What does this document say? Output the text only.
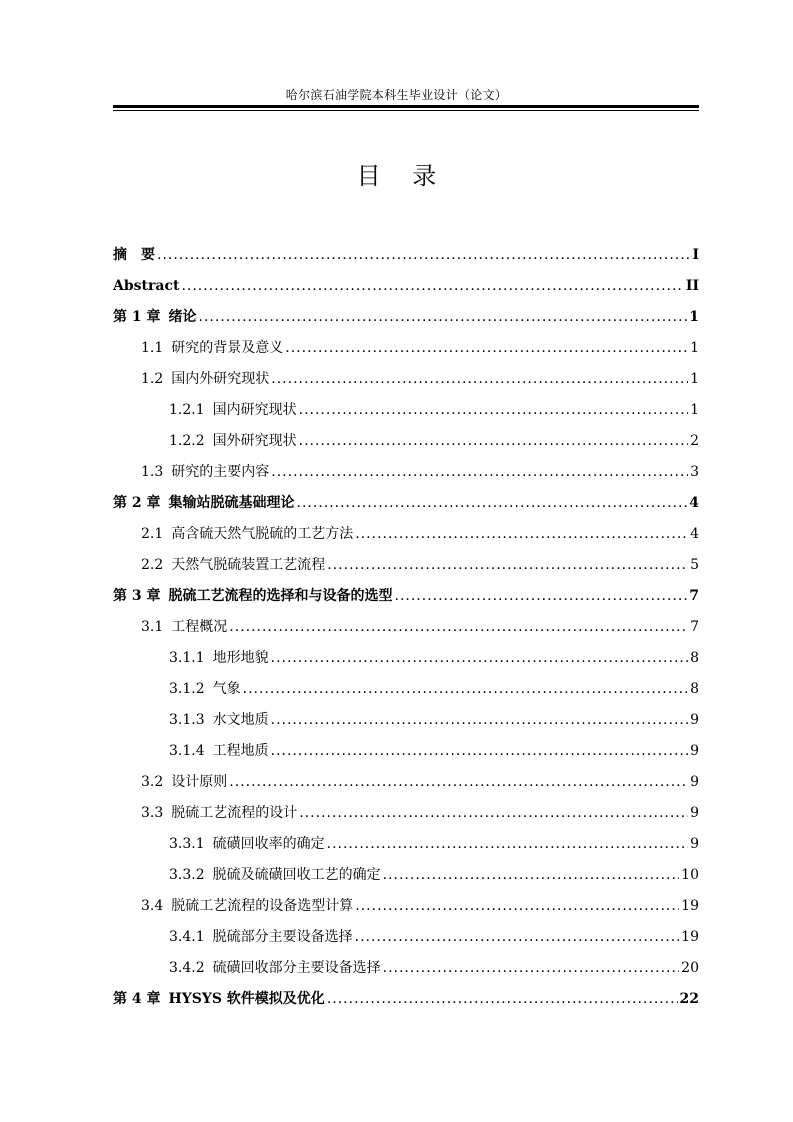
哈尔滨石油学院本科生毕业设计（论文）
目 录
摘　要 .....	I
Abstract .....	II
第 1 章 绪论 .....	1
1.1 研究的背景及意义 .....	1
1.2 国内外研究现状 .....	1
1.2.1 国内研究现状 .....	1
1.2.2 国外研究现状 .....	2
1.3 研究的主要内容 .....	3
第 2 章 集输站脱硫基础理论 .....	4
2.1 高含硫天然气脱硫的工艺方法 .....	4
2.2 天然气脱硫装置工艺流程 .....	5
第 3 章 脱硫工艺流程的选择和与设备的选型 .....	7
3.1 工程概况 .....	7
3.1.1 地形地貌 .....	8
3.1.2 气象 .....	8
3.1.3 水文地质 .....	9
3.1.4 工程地质 .....	9
3.2 设计原则 .....	9
3.3 脱硫工艺流程的设计 .....	9
3.3.1 硫磺回收率的确定 .....	9
3.3.2 脱硫及硫磺回收工艺的确定 .....	10
3.4 脱硫工艺流程的设备选型计算 .....	19
3.4.1 脱硫部分主要设备选择 .....	19
3.4.2 硫磺回收部分主要设备选择 .....	20
第 4 章 HYSYS 软件模拟及优化 .....	22
